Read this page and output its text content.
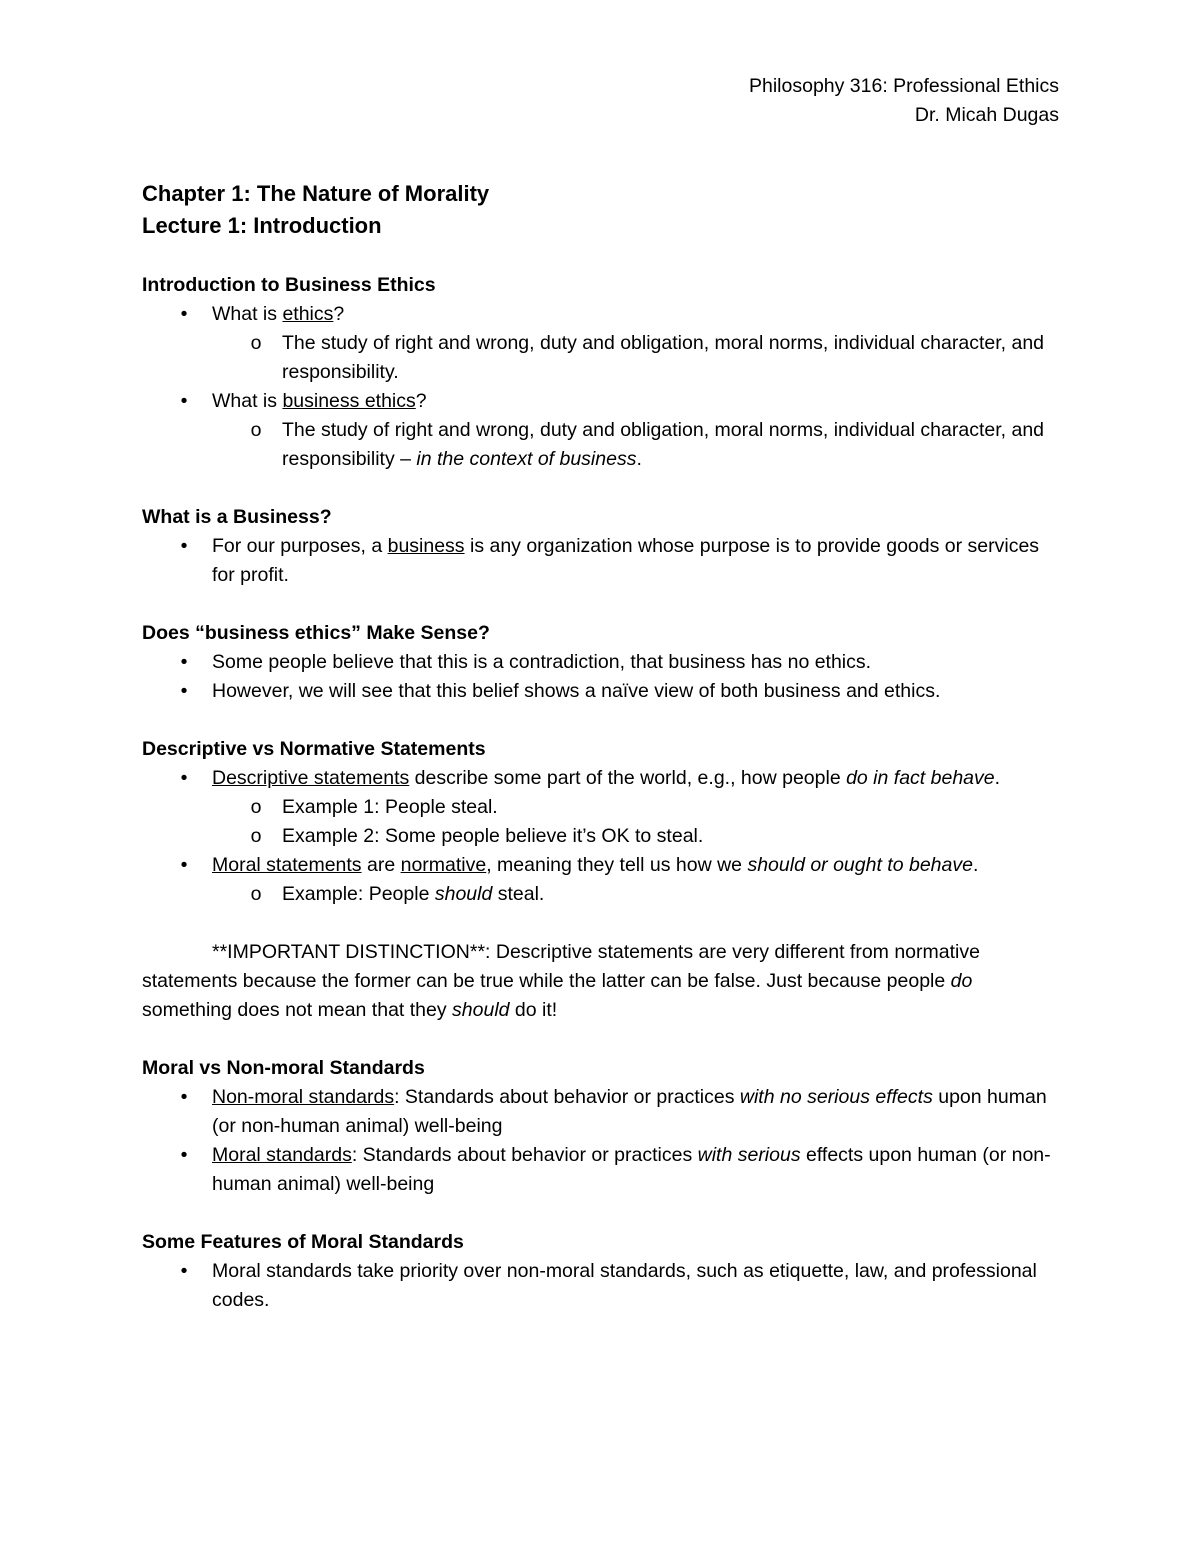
Philosophy 316: Professional Ethics
Dr. Micah Dugas
Chapter 1: The Nature of Morality
Lecture 1: Introduction
Introduction to Business Ethics
•	What is ethics?
o The study of right and wrong, duty and obligation, moral norms, individual character, and responsibility.
•	What is business ethics?
o The study of right and wrong, duty and obligation, moral norms, individual character, and responsibility – in the context of business.
What is a Business?
•	For our purposes, a business is any organization whose purpose is to provide goods or services for profit.
Does “business ethics” Make Sense?
•	Some people believe that this is a contradiction, that business has no ethics.
•	However, we will see that this belief shows a naïve view of both business and ethics.
Descriptive vs Normative Statements
•	Descriptive statements describe some part of the world, e.g., how people do in fact behave.
o Example 1: People steal.
o Example 2: Some people believe it’s OK to steal.
•	Moral statements are normative, meaning they tell us how we should or ought to behave.
o Example: People should steal.
**IMPORTANT DISTINCTION**: Descriptive statements are very different from normative statements because the former can be true while the latter can be false. Just because people do something does not mean that they should do it!
Moral vs Non-moral Standards
•	Non-moral standards: Standards about behavior or practices with no serious effects upon human (or non-human animal) well-being
•	Moral standards: Standards about behavior or practices with serious effects upon human (or non-human animal) well-being
Some Features of Moral Standards
•	Moral standards take priority over non-moral standards, such as etiquette, law, and professional codes.
